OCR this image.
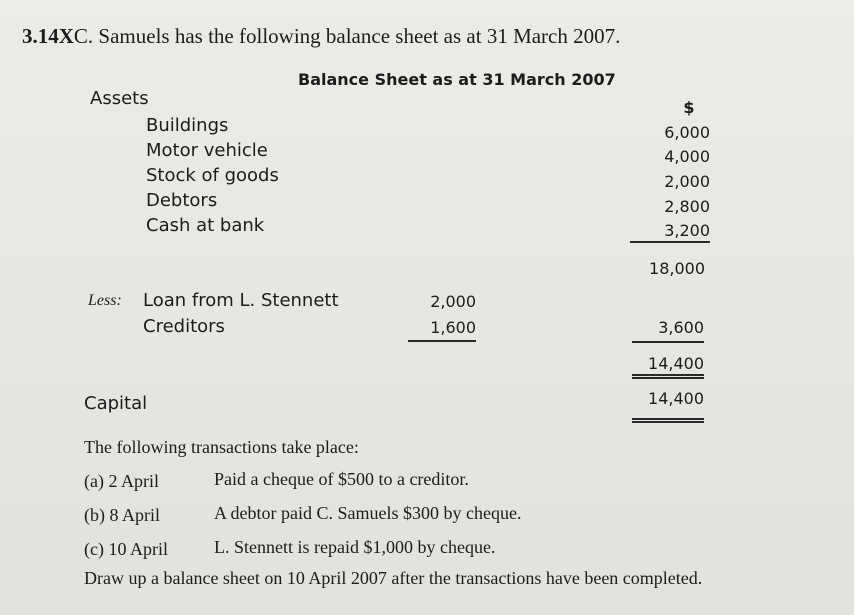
3.14XC. Samuels has the following balance sheet as at 31 March 2007.
Balance Sheet as at 31 March 2007
Assets	$
Buildings	6,000
Motor vehicle	4,000
Stock of goods	2,000
Debtors	2,800
Cash at bank	3,200
18,000
Less: Loan from L. Stennett	2,000
Creditors	1,600	3,600
14,400
Capital	14,400
The following transactions take place:
(a) 2 April	Paid a cheque of $500 to a creditor.
(b) 8 April	A debtor paid C. Samuels $300 by cheque.
(c) 10 April	L. Stennett is repaid $1,000 by cheque.
Draw up a balance sheet on 10 April 2007 after the transactions have been completed.
